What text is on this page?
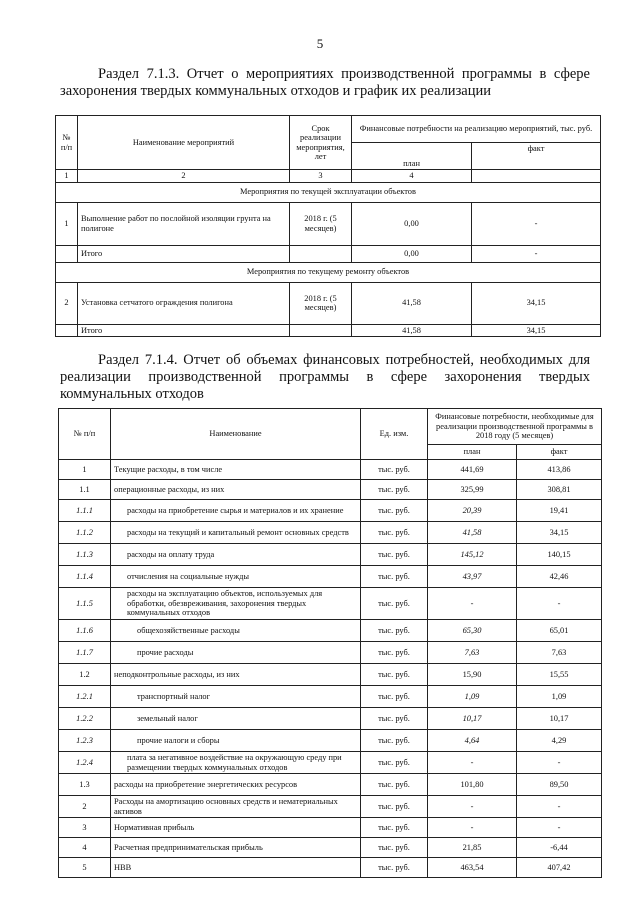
5
Раздел 7.1.3. Отчет о мероприятиях производственной программы в сфере захоронения твердых коммунальных отходов и график их реализации
№ п/п	Наименование мероприятий	Срок реализации мероприятия, лет	Финансовые потребности на реализацию мероприятий, тыс. руб.	
			план	факт
1	2	3	4	
Мероприятия по текущей эксплуатации объектов				
1	Выполнение работ по послойной изоляции грунта на полигоне	2018 г. (5 месяцев)	0,00	-
	Итого		0,00	-
Мероприятия по текущему ремонту объектов				
2	Установка сетчатого ограждения полигона	2018 г. (5 месяцев)	41,58	34,15
	Итого		41,58	34,15
Раздел 7.1.4. Отчет об объемах финансовых потребностей, необходимых для реализации производственной программы в сфере захоронения твердых коммунальных отходов
№ п/п	Наименование	Ед. изм.	Финансовые потребности, необходимые для реализации производственной программы в 2018 году (5 месяцев)	
			план	факт
1	Текущие расходы, в том числе	тыс. руб.	441,69	413,86
1.1	операционные расходы, из них	тыс. руб.	325,99	308,81
1.1.1	расходы на приобретение сырья и материалов и их хранение	тыс. руб.	20,39	19,41
1.1.2	расходы на текущий и капитальный ремонт основных средств	тыс. руб.	41,58	34,15
1.1.3	расходы на оплату труда	тыс. руб.	145,12	140,15
1.1.4	отчисления на социальные нужды	тыс. руб.	43,97	42,46
1.1.5	расходы на эксплуатацию объектов, используемых для обработки, обезвреживания, захоронения твердых коммунальных отходов	тыс. руб.	-	-
1.1.6	общехозяйственные расходы	тыс. руб.	65,30	65,01
1.1.7	прочие расходы	тыс. руб.	7,63	7,63
1.2	неподконтрольные расходы, из них	тыс. руб.	15,90	15,55
1.2.1	транспортный налог	тыс. руб.	1,09	1,09
1.2.2	земельный налог	тыс. руб.	10,17	10,17
1.2.3	прочие налоги и сборы	тыс. руб.	4,64	4,29
1.2.4	плата за негативное воздействие на окружающую среду при размещении твердых коммунальных отходов	тыс. руб.	-	-
1.3	расходы на приобретение энергетических ресурсов	тыс. руб.	101,80	89,50
2	Расходы на амортизацию основных средств и нематериальных активов	тыс. руб.	-	-
3	Нормативная прибыль	тыс. руб.	-	-
4	Расчетная предпринимательская прибыль	тыс. руб.	21,85	-6,44
5	НВВ	тыс. руб.	463,54	407,42
